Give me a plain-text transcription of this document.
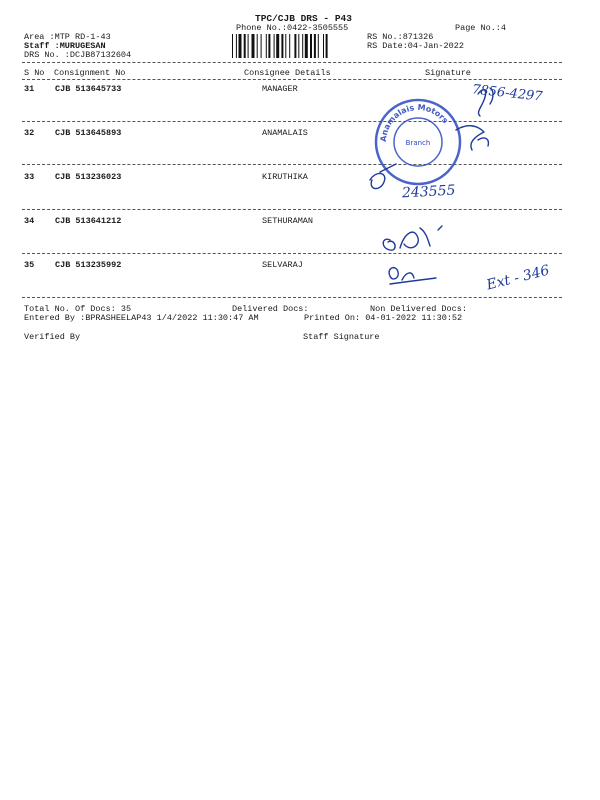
TPC/CJB DRS - P43
Phone No.:0422-3505555	Page No.:4
Area :MTP RD-1-43
Staff :MURUGESAN
DRS No. :DCJB87132604
RS No.:871326
RS Date:04-Jan-2022
S No Consignment No	Consignee Details	Signature
31 CJB 513645733	MANAGER
32 CJB 513645893	ANAMALAIS
33 CJB 513236023	KIRUTHIKA
34 CJB 513641212	SETHURAMAN
35 CJB 513235992	SELVARAJ
Total No. Of Docs: 35	Delivered Docs:	Non Delivered Docs:
Entered By :BPRASHEELAP43 1/4/2022 11:30:47 AM	Printed On: 04-01-2022 11:30:52
Verified By	Staff Signature
Anamalais Motors
Branch
7856-4297
243555
Ext - 346
